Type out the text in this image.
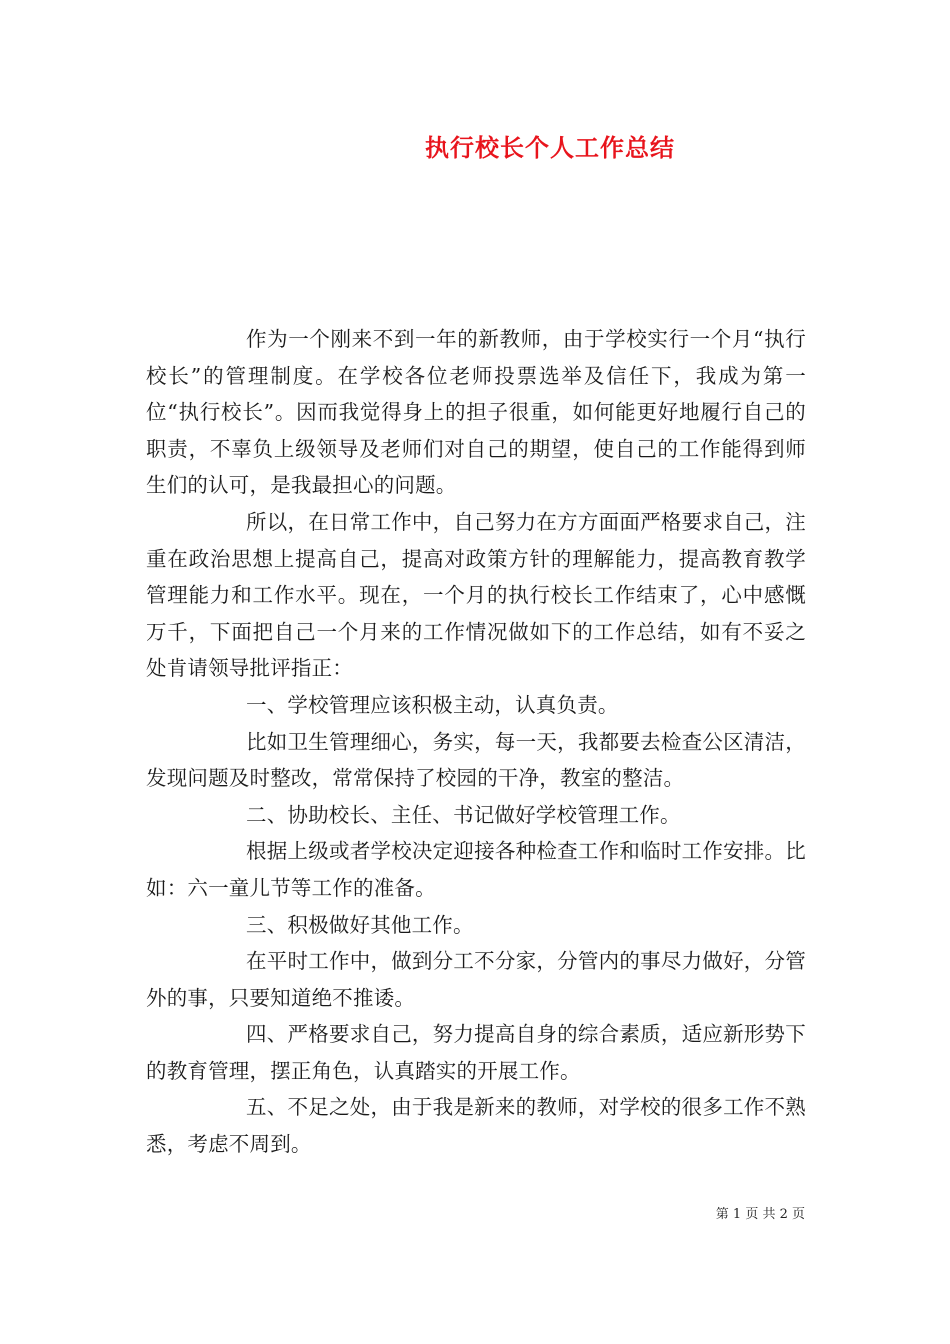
执行校长个人工作总结

作为一个刚来不到一年的新教师，由于学校实行一个月“执行校长”的管理制度。在学校各位老师投票选举及信任下，我成为第一位“执行校长”。因而我觉得身上的担子很重，如何能更好地履行自己的职责，不辜负上级领导及老师们对自己的期望，使自己的工作能得到师生们的认可，是我最担心的问题。

所以，在日常工作中，自己努力在方方面面严格要求自己，注重在政治思想上提高自己，提高对政策方针的理解能力，提高教育教学管理能力和工作水平。现在，一个月的执行校长工作结束了，心中感慨万千，下面把自己一个月来的工作情况做如下的工作总结，如有不妥之处肯请领导批评指正：

一、学校管理应该积极主动，认真负责。

比如卫生管理细心，务实，每一天，我都要去检查公区清洁，发现问题及时整改，常常保持了校园的干净，教室的整洁。

二、协助校长、主任、书记做好学校管理工作。

根据上级或者学校决定迎接各种检查工作和临时工作安排。比如：六一童儿节等工作的准备。

三、积极做好其他工作。

在平时工作中，做到分工不分家，分管内的事尽力做好，分管外的事，只要知道绝不推诿。

四、严格要求自己，努力提高自身的综合素质，适应新形势下的教育管理，摆正角色，认真踏实的开展工作。

五、不足之处，由于我是新来的教师，对学校的很多工作不熟悉，考虑不周到。

第 1 页 共 2 页
